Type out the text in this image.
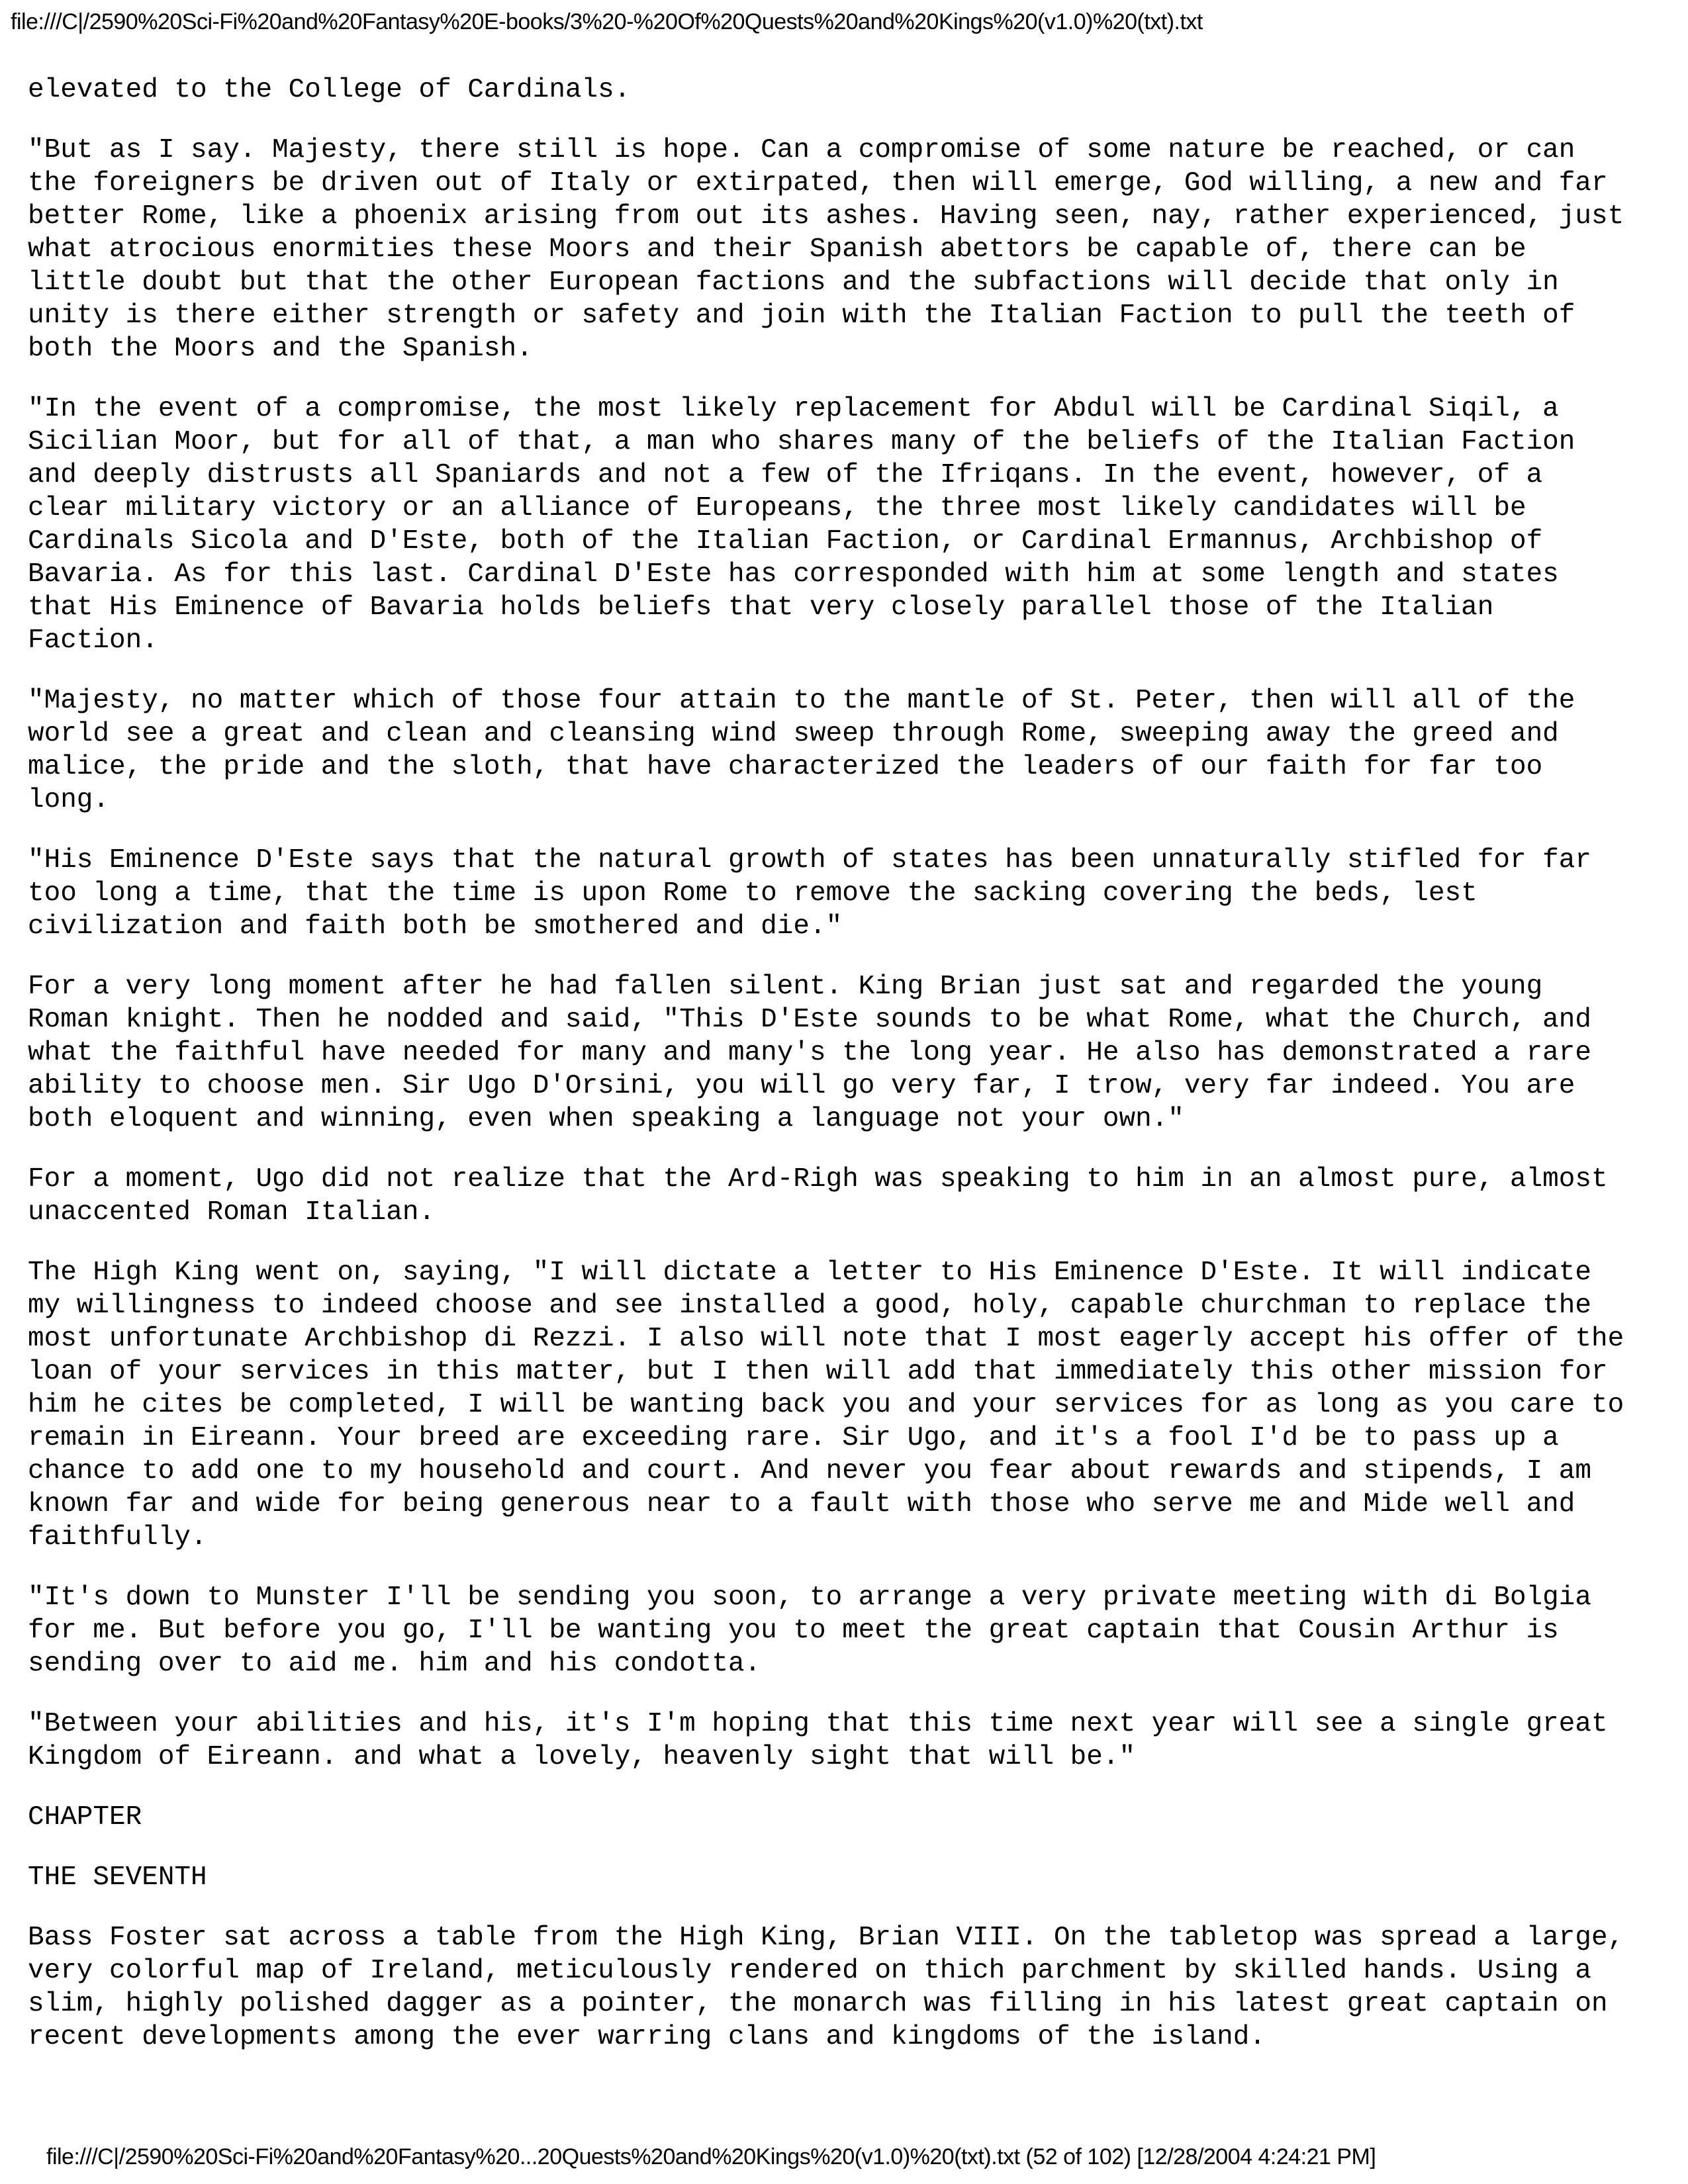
file:///C|/2590%20Sci-Fi%20and%20Fantasy%20E-books/3%20-%20Of%20Quests%20and%20Kings%20(v1.0)%20(txt).txt

elevated to the College of Cardinals.

"But as I say. Majesty, there still is hope. Can a compromise of some nature be reached, or can
the foreigners be driven out of Italy or extirpated, then will emerge, God willing, a new and far
better Rome, like a phoenix arising from out its ashes. Having seen, nay, rather experienced, just
what atrocious enormities these Moors and their Spanish abettors be capable of, there can be
little doubt but that the other European factions and the subfactions will decide that only in
unity is there either strength or safety and join with the Italian Faction to pull the teeth of
both the Moors and the Spanish.

"In the event of a compromise, the most likely replacement for Abdul will be Cardinal Siqil, a
Sicilian Moor, but for all of that, a man who shares many of the beliefs of the Italian Faction
and deeply distrusts all Spaniards and not a few of the Ifriqans. In the event, however, of a
clear military victory or an alliance of Europeans, the three most likely candidates will be
Cardinals Sicola and D'Este, both of the Italian Faction, or Cardinal Ermannus, Archbishop of
Bavaria. As for this last. Cardinal D'Este has corresponded with him at some length and states
that His Eminence of Bavaria holds beliefs that very closely parallel those of the Italian
Faction.

"Majesty, no matter which of those four attain to the mantle of St. Peter, then will all of the
world see a great and clean and cleansing wind sweep through Rome, sweeping away the greed and
malice, the pride and the sloth, that have characterized the leaders of our faith for far too
long.

"His Eminence D'Este says that the natural growth of states has been unnaturally stifled for far
too long a time, that the time is upon Rome to remove the sacking covering the beds, lest
civilization and faith both be smothered and die."

For a very long moment after he had fallen silent. King Brian just sat and regarded the young
Roman knight. Then he nodded and said, "This D'Este sounds to be what Rome, what the Church, and
what the faithful have needed for many and many's the long year. He also has demonstrated a rare
ability to choose men. Sir Ugo D'Orsini, you will go very far, I trow, very far indeed. You are
both eloquent and winning, even when speaking a language not your own."

For a moment, Ugo did not realize that the Ard-Righ was speaking to him in an almost pure, almost
unaccented Roman Italian.

The High King went on, saying, "I will dictate a letter to His Eminence D'Este. It will indicate
my willingness to indeed choose and see installed a good, holy, capable churchman to replace the
most unfortunate Archbishop di Rezzi. I also will note that I most eagerly accept his offer of the
loan of your services in this matter, but I then will add that immediately this other mission for
him he cites be completed, I will be wanting back you and your services for as long as you care to
remain in Eireann. Your breed are exceeding rare. Sir Ugo, and it's a fool I'd be to pass up a
chance to add one to my household and court. And never you fear about rewards and stipends, I am
known far and wide for being generous near to a fault with those who serve me and Mide well and
faithfully.

"It's down to Munster I'll be sending you soon, to arrange a very private meeting with di Bolgia
for me. But before you go, I'll be wanting you to meet the great captain that Cousin Arthur is
sending over to aid me. him and his condotta.

"Between your abilities and his, it's I'm hoping that this time next year will see a single great
Kingdom of Eireann. and what a lovely, heavenly sight that will be."

CHAPTER

THE SEVENTH

Bass Foster sat across a table from the High King, Brian VIII. On the tabletop was spread a large,
very colorful map of Ireland, meticulously rendered on thich parchment by skilled hands. Using a
slim, highly polished dagger as a pointer, the monarch was filling in his latest great captain on
recent developments among the ever warring clans and kingdoms of the island.

file:///C|/2590%20Sci-Fi%20and%20Fantasy%20...20Quests%20and%20Kings%20(v1.0)%20(txt).txt (52 of 102) [12/28/2004 4:24:21 PM]
